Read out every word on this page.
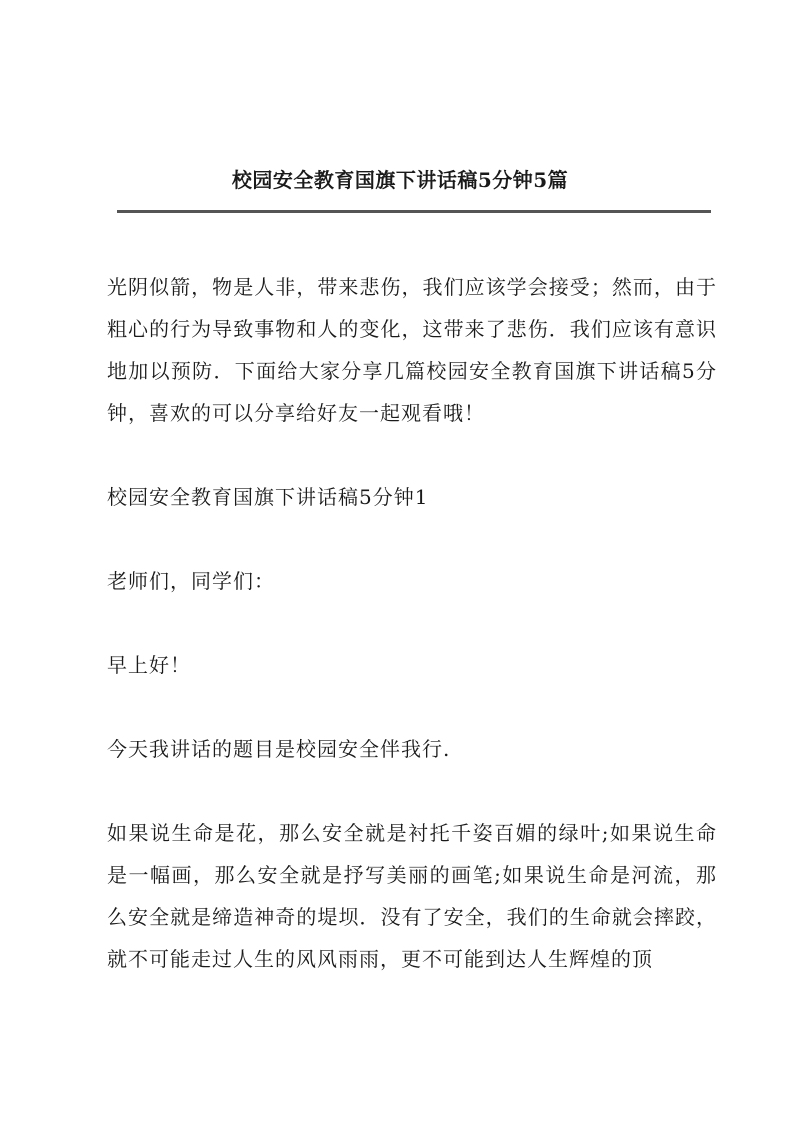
校园安全教育国旗下讲话稿5分钟5篇

光阴似箭，物是人非，带来悲伤，我们应该学会接受；然而，由于粗心的行为导致事物和人的变化，这带来了悲伤．我们应该有意识地加以预防．下面给大家分享几篇校园安全教育国旗下讲话稿5分钟，喜欢的可以分享给好友一起观看哦！

校园安全教育国旗下讲话稿5分钟1

老师们，同学们：

早上好！

今天我讲话的题目是校园安全伴我行.

如果说生命是花，那么安全就是衬托千姿百媚的绿叶;如果说生命是一幅画，那么安全就是抒写美丽的画笔;如果说生命是河流，那么安全就是缔造神奇的堤坝．没有了安全，我们的生命就会摔跤，就不可能走过人生的风风雨雨，更不可能到达人生辉煌的顶
